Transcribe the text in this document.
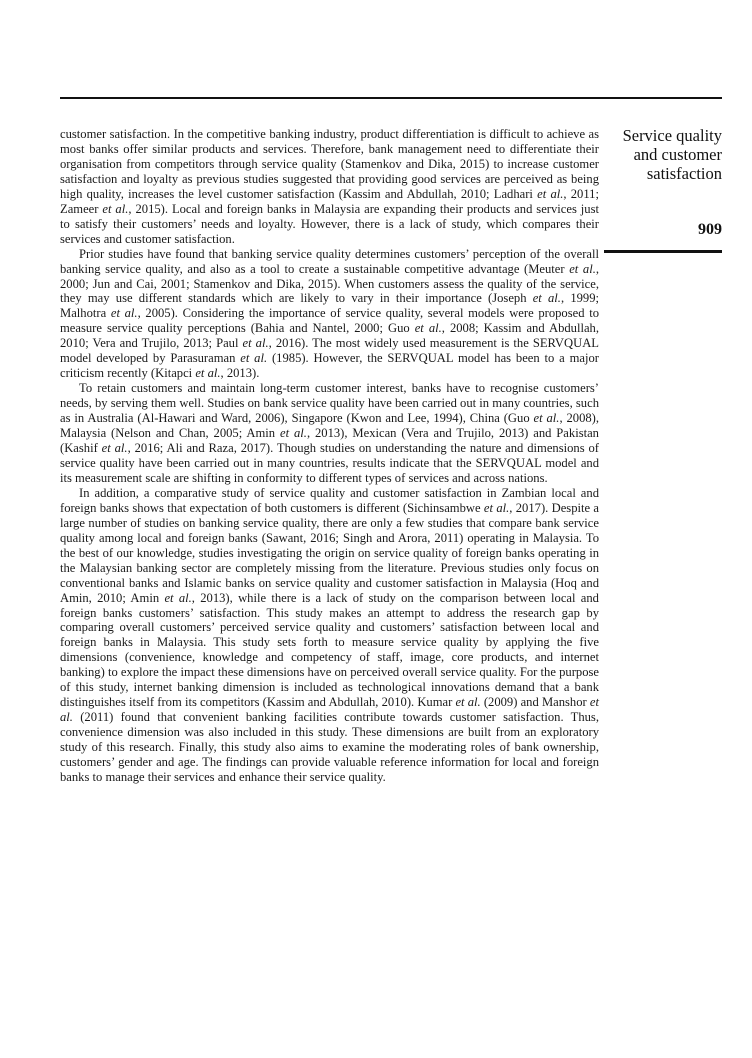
Service quality
and customer
satisfaction
909

customer satisfaction. In the competitive banking industry, product differentiation is difficult to achieve as most banks offer similar products and services. Therefore, bank management need to differentiate their organisation from competitors through service quality (Stamenkov and Dika, 2015) to increase customer satisfaction and loyalty as previous studies suggested that providing good services are perceived as being high quality, increases the level customer satisfaction (Kassim and Abdullah, 2010; Ladhari et al., 2011; Zameer et al., 2015). Local and foreign banks in Malaysia are expanding their products and services just to satisfy their customers’ needs and loyalty. However, there is a lack of study, which compares their services and customer satisfaction.

Prior studies have found that banking service quality determines customers’ perception of the overall banking service quality, and also as a tool to create a sustainable competitive advantage (Meuter et al., 2000; Jun and Cai, 2001; Stamenkov and Dika, 2015). When customers assess the quality of the service, they may use different standards which are likely to vary in their importance (Joseph et al., 1999; Malhotra et al., 2005). Considering the importance of service quality, several models were proposed to measure service quality perceptions (Bahia and Nantel, 2000; Guo et al., 2008; Kassim and Abdullah, 2010; Vera and Trujilo, 2013; Paul et al., 2016). The most widely used measurement is the SERVQUAL model developed by Parasuraman et al. (1985). However, the SERVQUAL model has been to a major criticism recently (Kitapci et al., 2013).

To retain customers and maintain long-term customer interest, banks have to recognise customers’ needs, by serving them well. Studies on bank service quality have been carried out in many countries, such as in Australia (Al-Hawari and Ward, 2006), Singapore (Kwon and Lee, 1994), China (Guo et al., 2008), Malaysia (Nelson and Chan, 2005; Amin et al., 2013), Mexican (Vera and Trujilo, 2013) and Pakistan (Kashif et al., 2016; Ali and Raza, 2017). Though studies on understanding the nature and dimensions of service quality have been carried out in many countries, results indicate that the SERVQUAL model and its measurement scale are shifting in conformity to different types of services and across nations.

In addition, a comparative study of service quality and customer satisfaction in Zambian local and foreign banks shows that expectation of both customers is different (Sichinsambwe et al., 2017). Despite a large number of studies on banking service quality, there are only a few studies that compare bank service quality among local and foreign banks (Sawant, 2016; Singh and Arora, 2011) operating in Malaysia. To the best of our knowledge, studies investigating the origin on service quality of foreign banks operating in the Malaysian banking sector are completely missing from the literature. Previous studies only focus on conventional banks and Islamic banks on service quality and customer satisfaction in Malaysia (Hoq and Amin, 2010; Amin et al., 2013), while there is a lack of study on the comparison between local and foreign banks customers’ satisfaction. This study makes an attempt to address the research gap by comparing overall customers’ perceived service quality and customers’ satisfaction between local and foreign banks in Malaysia. This study sets forth to measure service quality by applying the five dimensions (convenience, knowledge and competency of staff, image, core products, and internet banking) to explore the impact these dimensions have on perceived overall service quality. For the purpose of this study, internet banking dimension is included as technological innovations demand that a bank distinguishes itself from its competitors (Kassim and Abdullah, 2010). Kumar et al. (2009) and Manshor et al. (2011) found that convenient banking facilities contribute towards customer satisfaction. Thus, convenience dimension was also included in this study. These dimensions are built from an exploratory study of this research. Finally, this study also aims to examine the moderating roles of bank ownership, customers’ gender and age. The findings can provide valuable reference information for local and foreign banks to manage their services and enhance their service quality.
